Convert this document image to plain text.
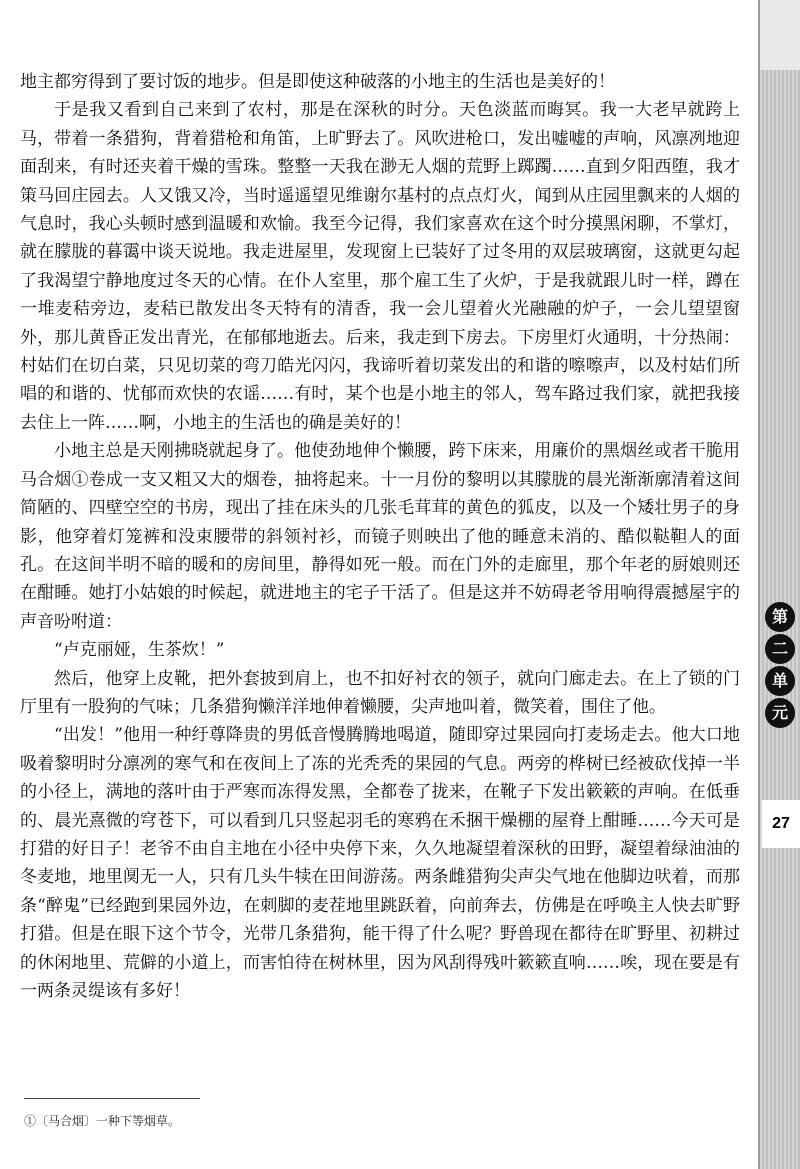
地主都穷得到了要讨饭的地步。但是即使这种破落的小地主的生活也是美好的！

于是我又看到自己来到了农村，那是在深秋的时分。天色淡蓝而晦冥。我一大老早就跨上马，带着一条猎狗，背着猎枪和角笛，上旷野去了。风吹进枪口，发出嘘嘘的声响，风凛冽地迎面刮来，有时还夹着干燥的雪珠。整整一天我在渺无人烟的荒野上踯躅……直到夕阳西堕，我才策马回庄园去。人又饿又冷，当时遥遥望见维谢尔基村的点点灯火，闻到从庄园里飘来的人烟的气息时，我心头顿时感到温暖和欢愉。我至今记得，我们家喜欢在这个时分摸黑闲聊，不掌灯，就在朦胧的暮霭中谈天说地。我走进屋里，发现窗上已装好了过冬用的双层玻璃窗，这就更勾起了我渴望宁静地度过冬天的心情。在仆人室里，那个雇工生了火炉，于是我就跟儿时一样，蹲在一堆麦秸旁边，麦秸已散发出冬天特有的清香，我一会儿望着火光融融的炉子，一会儿望望窗外，那儿黄昏正发出青光，在郁郁地逝去。后来，我走到下房去。下房里灯火通明，十分热闹：村姑们在切白菜，只见切菜的弯刀皓光闪闪，我谛听着切菜发出的和谐的嚓嚓声，以及村姑们所唱的和谐的、忧郁而欢快的农谣……有时，某个也是小地主的邻人，驾车路过我们家，就把我接去住上一阵……啊，小地主的生活也的确是美好的！

小地主总是天刚拂晓就起身了。他使劲地伸个懒腰，跨下床来，用廉价的黑烟丝或者干脆用马合烟①卷成一支又粗又大的烟卷，抽将起来。十一月份的黎明以其朦胧的晨光渐渐廓清着这间简陋的、四壁空空的书房，现出了挂在床头的几张毛茸茸的黄色的狐皮，以及一个矮壮男子的身影，他穿着灯笼裤和没束腰带的斜领衬衫，而镜子则映出了他的睡意未消的、酷似鞑靼人的面孔。在这间半明不暗的暖和的房间里，静得如死一般。而在门外的走廊里，那个年老的厨娘则还在酣睡。她打小姑娘的时候起，就进地主的宅子干活了。但是这并不妨碍老爷用响得震撼屋宇的声音吩咐道：

“卢克丽娅，生茶炊！”

然后，他穿上皮靴，把外套披到肩上，也不扣好衬衣的领子，就向门廊走去。在上了锁的门厅里有一股狗的气味；几条猎狗懒洋洋地伸着懒腰，尖声地叫着，微笑着，围住了他。

“出发！”他用一种纡尊降贵的男低音慢腾腾地喝道，随即穿过果园向打麦场走去。他大口地吸着黎明时分凛冽的寒气和在夜间上了冻的光秃秃的果园的气息。两旁的桦树已经被砍伐掉一半的小径上，满地的落叶由于严寒而冻得发黑，全都卷了拢来，在靴子下发出簌簌的声响。在低垂的、晨光熹微的穹苍下，可以看到几只竖起羽毛的寒鸦在禾捆干燥棚的屋脊上酣睡……今天可是打猎的好日子！老爷不由自主地在小径中央停下来，久久地凝望着深秋的田野，凝望着绿油油的冬麦地，地里阒无一人，只有几头牛犊在田间游荡。两条雌猎狗尖声尖气地在他脚边吠着，而那条“醉鬼”已经跑到果园外边，在刺脚的麦茬地里跳跃着，向前奔去，仿佛是在呼唤主人快去旷野打猎。但是在眼下这个节令，光带几条猎狗，能干得了什么呢？野兽现在都待在旷野里、初耕过的休闲地里、荒僻的小道上，而害怕待在树林里，因为风刮得残叶簌簌直响……唉，现在要是有一两条灵缇该有多好！

①〔马合烟〕一种下等烟草。
第
二
单
元
27
